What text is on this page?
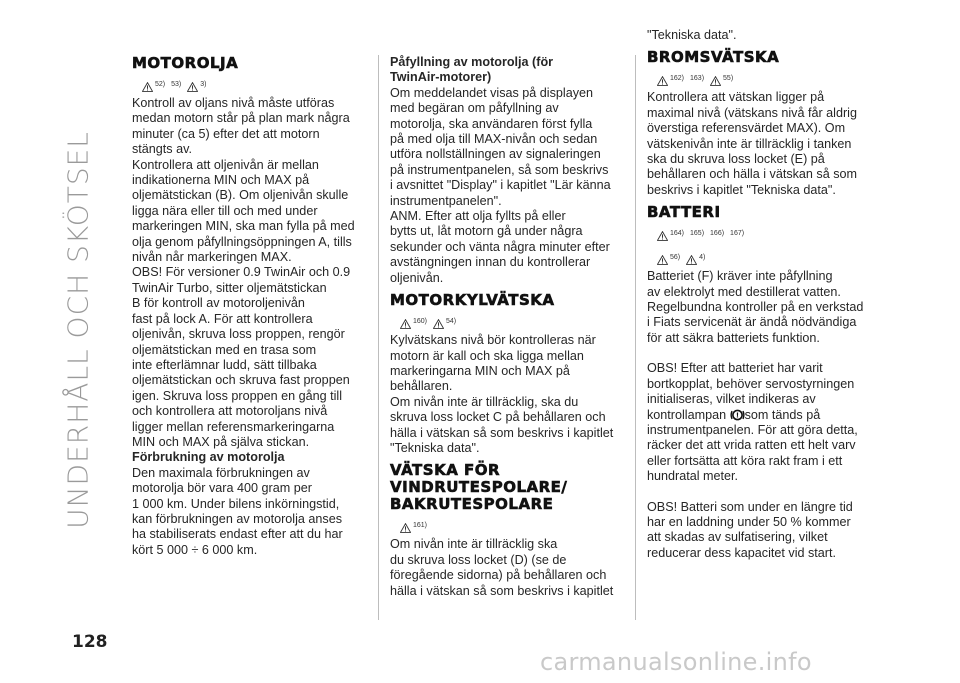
UNDERHÅLL OCH SKÖTSEL
MOTOROLJA
52) 53)	3)

Kontroll av oljans nivå måste utföras
medan motorn står på plan mark några
minuter (ca 5) efter det att motorn
stängts av.

Kontrollera att oljenivån är mellan
indikationerna MIN och MAX på
oljemätstickan (B). Om oljenivån skulle
ligga nära eller till och med under
markeringen MIN, ska man fylla på med
olja genom påfyllningsöppningen A, tills
nivån når markeringen MAX.

OBS! För versioner 0.9 TwinAir och 0.9
TwinAir Turbo, sitter oljemätstickan
B för kontroll av motoroljenivån
fast på lock A. För att kontrollera
oljenivån, skruva loss proppen, rengör
oljemätstickan med en trasa som
inte efterlämnar ludd, sätt tillbaka
oljemätstickan och skruva fast proppen
igen. Skruva loss proppen en gång till
och kontrollera att motoroljans nivå
ligger mellan referensmarkeringarna
MIN och MAX på själva stickan.

Förbrukning av motorolja

Den maximala förbrukningen av
motorolja bör vara 400 gram per
1 000 km. Under bilens inkörningstid,
kan förbrukningen av motorolja anses
ha stabiliserats endast efter att du har
kört 5 000 ÷ 6 000 km.

Påfyllning av motorolja (för
TwinAir-motorer)

Om meddelandet visas på displayen
med begäran om påfyllning av
motorolja, ska användaren först fylla
på med olja till MAX-nivån och sedan
utföra nollställningen av signaleringen
på instrumentpanelen, så som beskrivs
i avsnittet "Display" i kapitlet "Lär känna
instrumentpanelen".

ANM. Efter att olja fyllts på eller
bytts ut, låt motorn gå under några
sekunder och vänta några minuter efter
avstängningen innan du kontrollerar
oljenivån.

MOTORKYLVÄTSKA
160)	54)

Kylvätskans nivå bör kontrolleras när
motorn är kall och ska ligga mellan
markeringarna MIN och MAX på
behållaren.

Om nivån inte är tillräcklig, ska du
skruva loss locket C på behållaren och
hälla i vätskan så som beskrivs i kapitlet
"Tekniska data".

VÄTSKA FÖR
VINDRUTESPOLARE/
BAKRUTESPOLARE
161)

Om nivån inte är tillräcklig ska
du skruva loss locket (D) (se de
föregående sidorna) på behållaren och
hälla i vätskan så som beskrivs i kapitlet

"Tekniska data".

BROMSVÄTSKA
162) 163)	55)

Kontrollera att vätskan ligger på
maximal nivå (vätskans nivå får aldrig
överstiga referensvärdet MAX). Om
vätskenivån inte är tillräcklig i tanken
ska du skruva loss locket (E) på
behållaren och hälla i vätskan så som
beskrivs i kapitlet "Tekniska data".

BATTERI
164) 165) 166) 167)
56)	4)

Batteriet (F) kräver inte påfyllning
av elektrolyt med destillerat vatten.
Regelbundna kontroller på en verkstad
i Fiats servicenät är ändå nödvändiga
för att säkra batteriets funktion.

OBS! Efter att batteriet har varit
bortkopplat, behöver servostyrningen
initialiseras, vilket indikeras av
kontrollampan ! som tänds på
instrumentpanelen. För att göra detta,
räcker det att vrida ratten ett helt varv
eller fortsätta att köra rakt fram i ett
hundratal meter.

OBS! Batteri som under en längre tid
har en laddning under 50 % kommer
att skadas av sulfatisering, vilket
reducerar dess kapacitet vid start.

128
carmanualsonline.info
